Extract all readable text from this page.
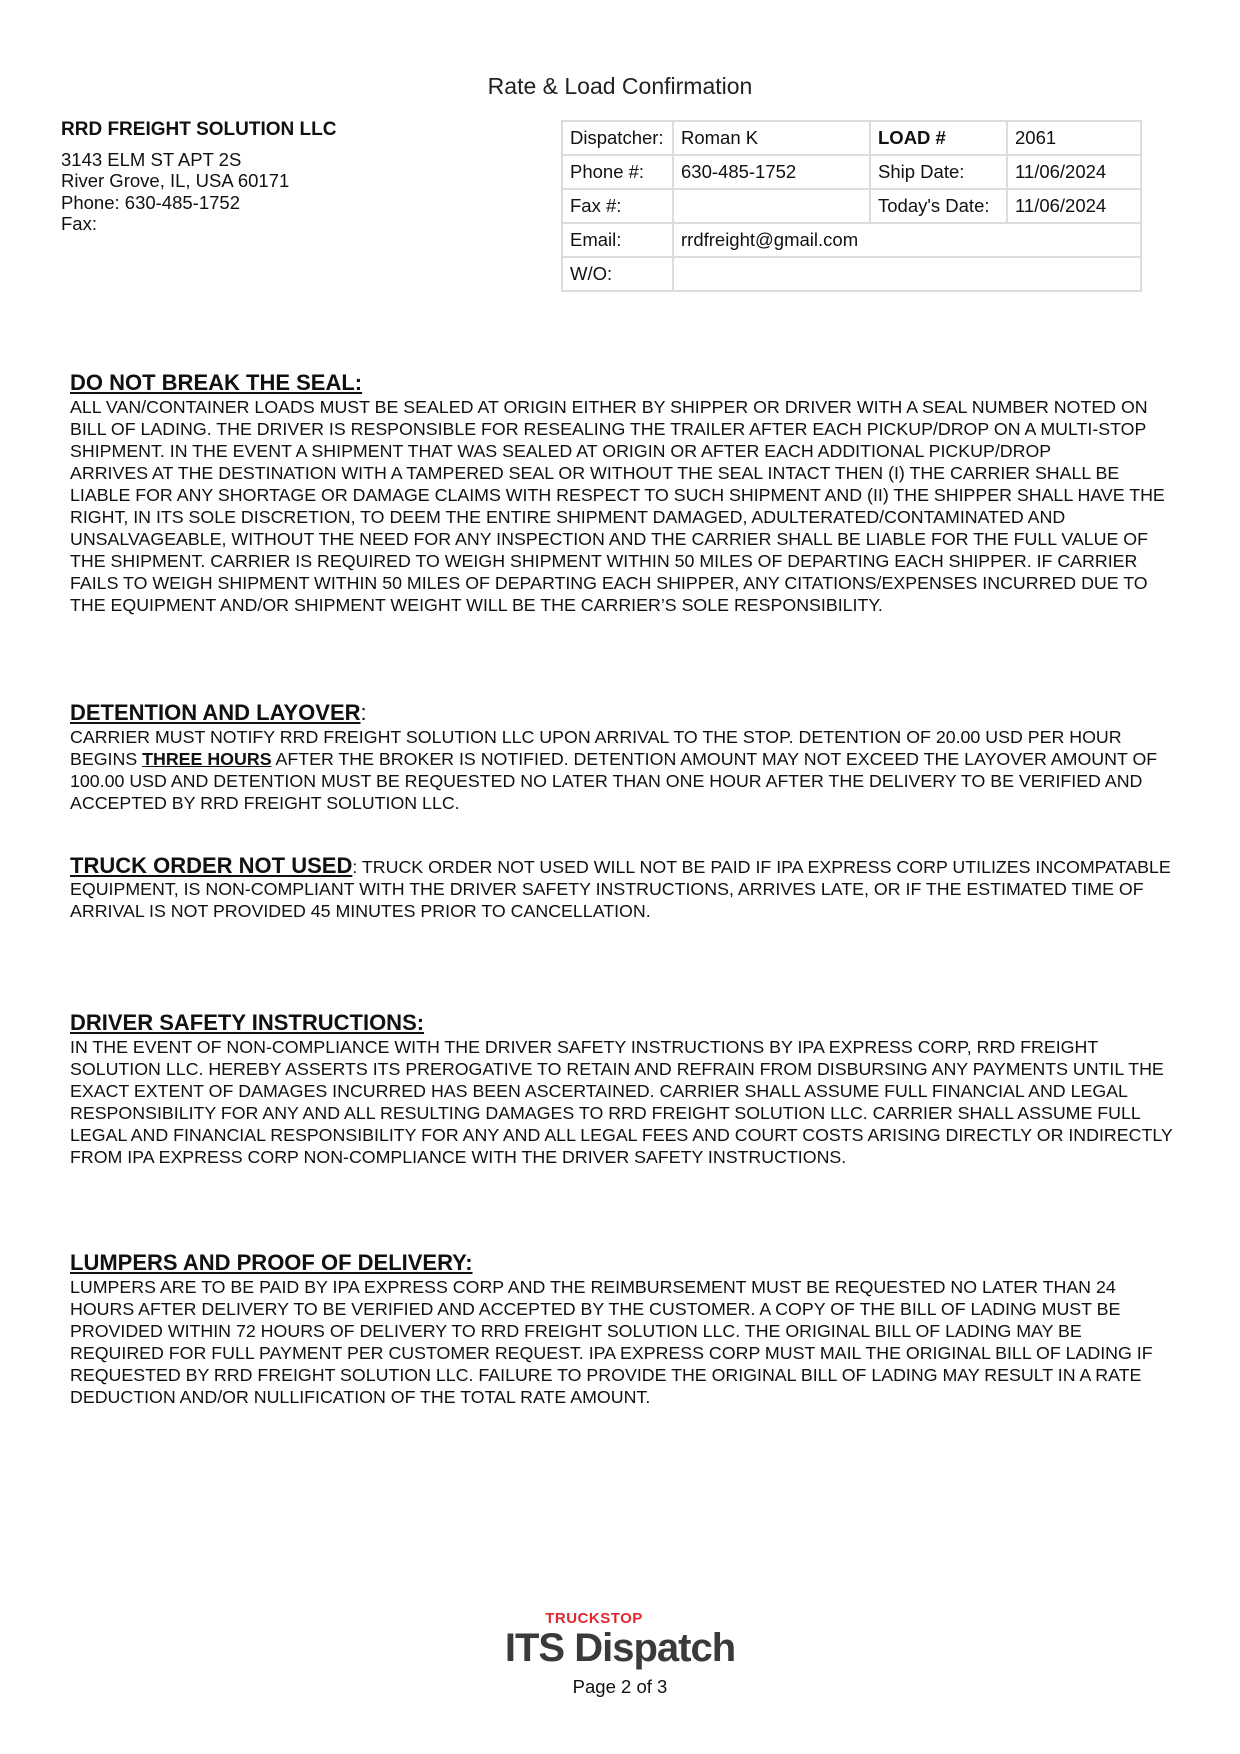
Rate & Load Confirmation
RRD FREIGHT SOLUTION LLC
3143 ELM ST APT 2S
River Grove, IL, USA 60171
Phone: 630-485-1752
Fax:
Dispatcher:	Roman K	LOAD #	2061
Phone #:	630-485-1752	Ship Date:	11/06/2024
Fax #:		Today's Date:	11/06/2024
Email:	rrdfreight@gmail.com		
W/O:			
DO NOT BREAK THE SEAL:

ALL VAN/CONTAINER LOADS MUST BE SEALED AT ORIGIN EITHER BY SHIPPER OR DRIVER WITH A SEAL NUMBER NOTED ON BILL OF LADING. THE DRIVER IS RESPONSIBLE FOR RESEALING THE TRAILER AFTER EACH PICKUP/DROP ON A MULTI-STOP SHIPMENT. IN THE EVENT A SHIPMENT THAT WAS SEALED AT ORIGIN OR AFTER EACH ADDITIONAL PICKUP/DROP

ARRIVES AT THE DESTINATION WITH A TAMPERED SEAL OR WITHOUT THE SEAL INTACT THEN (I) THE CARRIER SHALL BE LIABLE FOR ANY SHORTAGE OR DAMAGE CLAIMS WITH RESPECT TO SUCH SHIPMENT AND (II) THE SHIPPER SHALL HAVE THE RIGHT, IN ITS SOLE DISCRETION, TO DEEM THE ENTIRE SHIPMENT DAMAGED, ADULTERATED/CONTAMINATED AND UNSALVAGEABLE, WITHOUT THE NEED FOR ANY INSPECTION AND THE CARRIER SHALL BE LIABLE FOR THE FULL VALUE OF THE SHIPMENT. CARRIER IS REQUIRED TO WEIGH SHIPMENT WITHIN 50 MILES OF DEPARTING EACH SHIPPER. IF CARRIER FAILS TO WEIGH SHIPMENT WITHIN 50 MILES OF DEPARTING EACH SHIPPER, ANY CITATIONS/EXPENSES INCURRED DUE TO THE EQUIPMENT AND/OR SHIPMENT WEIGHT WILL BE THE CARRIER’S SOLE RESPONSIBILITY.

DETENTION AND LAYOVER:

CARRIER MUST NOTIFY RRD FREIGHT SOLUTION LLC UPON ARRIVAL TO THE STOP. DETENTION OF 20.00 USD PER HOUR BEGINS THREE HOURS AFTER THE BROKER IS NOTIFIED. DETENTION AMOUNT MAY NOT EXCEED THE LAYOVER AMOUNT OF 100.00 USD AND DETENTION MUST BE REQUESTED NO LATER THAN ONE HOUR AFTER THE DELIVERY TO BE VERIFIED AND ACCEPTED BY RRD FREIGHT SOLUTION LLC.

TRUCK ORDER NOT USED: TRUCK ORDER NOT USED WILL NOT BE PAID IF IPA EXPRESS CORP UTILIZES INCOMPATABLE EQUIPMENT, IS NON-COMPLIANT WITH THE DRIVER SAFETY INSTRUCTIONS, ARRIVES LATE, OR IF THE ESTIMATED TIME OF ARRIVAL IS NOT PROVIDED 45 MINUTES PRIOR TO CANCELLATION.

DRIVER SAFETY INSTRUCTIONS:

IN THE EVENT OF NON-COMPLIANCE WITH THE DRIVER SAFETY INSTRUCTIONS BY IPA EXPRESS CORP, RRD FREIGHT SOLUTION LLC. HEREBY ASSERTS ITS PREROGATIVE TO RETAIN AND REFRAIN FROM DISBURSING ANY PAYMENTS UNTIL THE EXACT EXTENT OF DAMAGES INCURRED HAS BEEN ASCERTAINED. CARRIER SHALL ASSUME FULL FINANCIAL AND LEGAL RESPONSIBILITY FOR ANY AND ALL RESULTING DAMAGES TO RRD FREIGHT SOLUTION LLC. CARRIER SHALL ASSUME FULL LEGAL AND FINANCIAL RESPONSIBILITY FOR ANY AND ALL LEGAL FEES AND COURT COSTS ARISING DIRECTLY OR INDIRECTLY FROM IPA EXPRESS CORP NON-COMPLIANCE WITH THE DRIVER SAFETY INSTRUCTIONS.

LUMPERS AND PROOF OF DELIVERY:

LUMPERS ARE TO BE PAID BY IPA EXPRESS CORP AND THE REIMBURSEMENT MUST BE REQUESTED NO LATER THAN 24 HOURS AFTER DELIVERY TO BE VERIFIED AND ACCEPTED BY THE CUSTOMER. A COPY OF THE BILL OF LADING MUST BE PROVIDED WITHIN 72 HOURS OF DELIVERY TO RRD FREIGHT SOLUTION LLC. THE ORIGINAL BILL OF LADING MAY BE REQUIRED FOR FULL PAYMENT PER CUSTOMER REQUEST. IPA EXPRESS CORP MUST MAIL THE ORIGINAL BILL OF LADING IF REQUESTED BY RRD FREIGHT SOLUTION LLC. FAILURE TO PROVIDE THE ORIGINAL BILL OF LADING MAY RESULT IN A RATE DEDUCTION AND/OR NULLIFICATION OF THE TOTAL RATE AMOUNT.

TRUCKSTOP
ITS Dispatch
Page 2 of 3
